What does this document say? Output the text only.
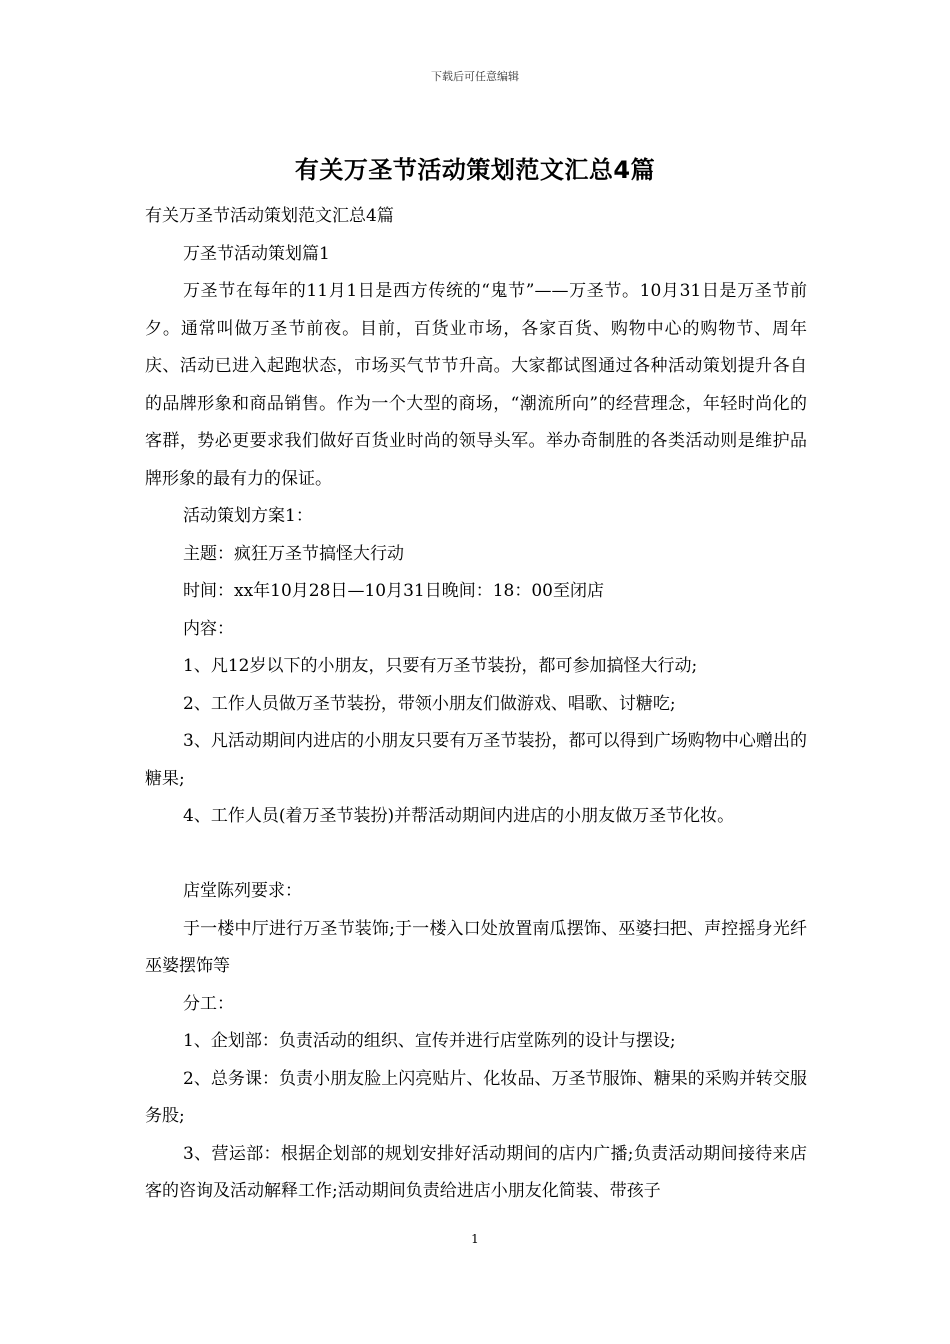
下载后可任意编辑
有关万圣节活动策划范文汇总4篇

有关万圣节活动策划范文汇总4篇

万圣节活动策划篇1

万圣节在每年的11月1日是西方传统的“鬼节”——万圣节。10月31日是万圣节前夕。通常叫做万圣节前夜。目前，百货业市场，各家百货、购物中心的购物节、周年庆、活动已进入起跑状态，市场买气节节升高。大家都试图通过各种活动策划提升各自的品牌形象和商品销售。作为一个大型的商场，“潮流所向”的经营理念，年轻时尚化的客群，势必更要求我们做好百货业时尚的领导头军。举办奇制胜的各类活动则是维护品牌形象的最有力的保证。

活动策划方案1：

主题：疯狂万圣节搞怪大行动

时间：xx年10月28日—10月31日晚间：18：00至闭店

内容：

1、凡12岁以下的小朋友，只要有万圣节装扮，都可参加搞怪大行动;

2、工作人员做万圣节装扮，带领小朋友们做游戏、唱歌、讨糖吃;

3、凡活动期间内进店的小朋友只要有万圣节装扮，都可以得到广场购物中心赠出的糖果;

4、工作人员(着万圣节装扮)并帮活动期间内进店的小朋友做万圣节化妆。

店堂陈列要求：

于一楼中厅进行万圣节装饰;于一楼入口处放置南瓜摆饰、巫婆扫把、声控摇身光纤巫婆摆饰等

分工：

1、企划部：负责活动的组织、宣传并进行店堂陈列的设计与摆设;

2、总务课：负责小朋友脸上闪亮贴片、化妆品、万圣节服饰、糖果的采购并转交服务股;

3、营运部：根据企划部的规划安排好活动期间的店内广播;负责活动期间接待来店客的咨询及活动解释工作;活动期间负责给进店小朋友化简装、带孩子

1
